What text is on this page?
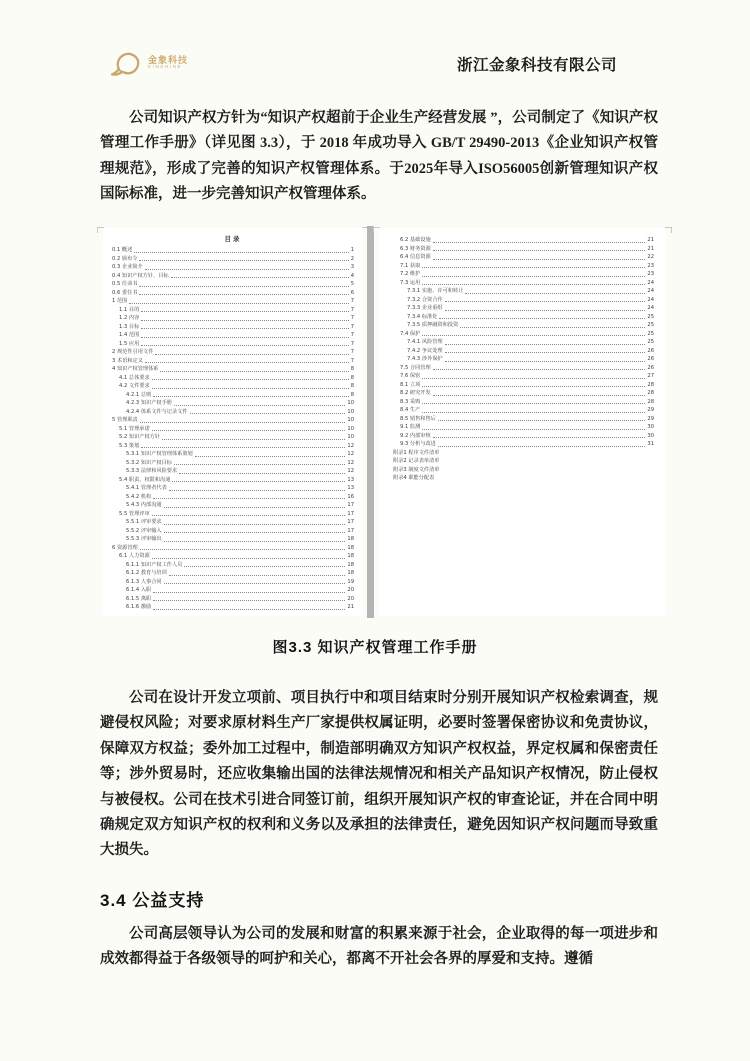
金象科技
KINSHINE	浙江金象科技有限公司
公司知识产权方针为“知识产权超前于企业生产经营发展 ”，公司制定了《知识产权管理工作手册》（详见图 3.3），于 2018 年成功导入 GB/T 29490-2013《企业知识产权管理规范》，形成了完善的知识产权管理体系。于2025年导入ISO56005创新管理知识产权国际标准，进一步完善知识产权管理体系。
目录
0.1 概述	1
0.2 颁布令	2
0.3 企业简介	3
0.4 知识产权方针、目标	4
0.5 任命书	5
0.6 委任书	6
1 范围	7
1.1 目的	7
1.2 内容	7
1.3 目标	7
1.4 范围	7
1.5 应用	7
2 规范性引用文件	7
3 术语和定义	7
4 知识产权管理体系	8
4.1 总体要求	8
4.2 文件要求	8
4.2.1 总则	8
4.2.3 知识产权手册	10
4.2.4 体系文件与记录文件	10
5 管理职责	10
5.1 管理承诺	10
5.2 知识产权方针	10
5.3 策划	12
5.3.1 知识产权管理体系策划	12
5.3.2 知识产权目标	12
5.3.3 法律和风险要求	12
5.4 职责、权限和沟通	13
5.4.1 管理者代表	13
5.4.2 机构	16
5.4.3 内部沟通	17
5.5 管理评审	17
5.5.1 评审要求	17
5.5.2 评审输入	17
5.5.3 评审输出	18
6 资源管理	18
6.1 人力资源	18
6.1.1 知识产权工作人员	18
6.1.2 教育与培训	18
6.1.3 人事合同	19
6.1.4 入职	20
6.1.5 离职	20
6.1.6 激励	21
6.2 基础设施	21
6.3 财务资源	21
6.4 信息资源	22
7.1 获取	23
7.2 维护	23
7.3 运用	24
7.3.1 实施、许可和转让	24
7.3.2 合资合作	24
7.3.3 企业重组	24
7.3.4 标准化	25
7.3.5 质押融资和投资	25
7.4 保护	25
7.4.1 风险管理	25
7.4.2 争议处理	26
7.4.3 涉外保护	26
7.5 合同管理	26
7.6 保密	27
8.1 立项	28
8.2 研究开发	28
8.3 采购	28
8.4 生产	29
8.5 销售和售后	29
9.1 监测	30
9.2 内部审核	30
9.3 分析与改进	31
附录1 程序文件清单
附录2 记录表单清单
附录3 制度文件清单
附录4 职能分配表
图3.3 知识产权管理工作手册
公司在设计开发立项前、项目执行中和项目结束时分别开展知识产权检索调查，规避侵权风险；对要求原材料生产厂家提供权属证明，必要时签署保密协议和免责协议，保障双方权益；委外加工过程中，制造部明确双方知识产权权益，界定权属和保密责任等；涉外贸易时，还应收集输出国的法律法规情况和相关产品知识产权情况，防止侵权与被侵权。公司在技术引进合同签订前，组织开展知识产权的审查论证，并在合同中明确规定双方知识产权的权利和义务以及承担的法律责任，避免因知识产权问题而导致重大损失。
3.4 公益支持
公司高层领导认为公司的发展和财富的积累来源于社会，企业取得的每一项进步和成效都得益于各级领导的呵护和关心，都离不开社会各界的厚爱和支持。遵循
